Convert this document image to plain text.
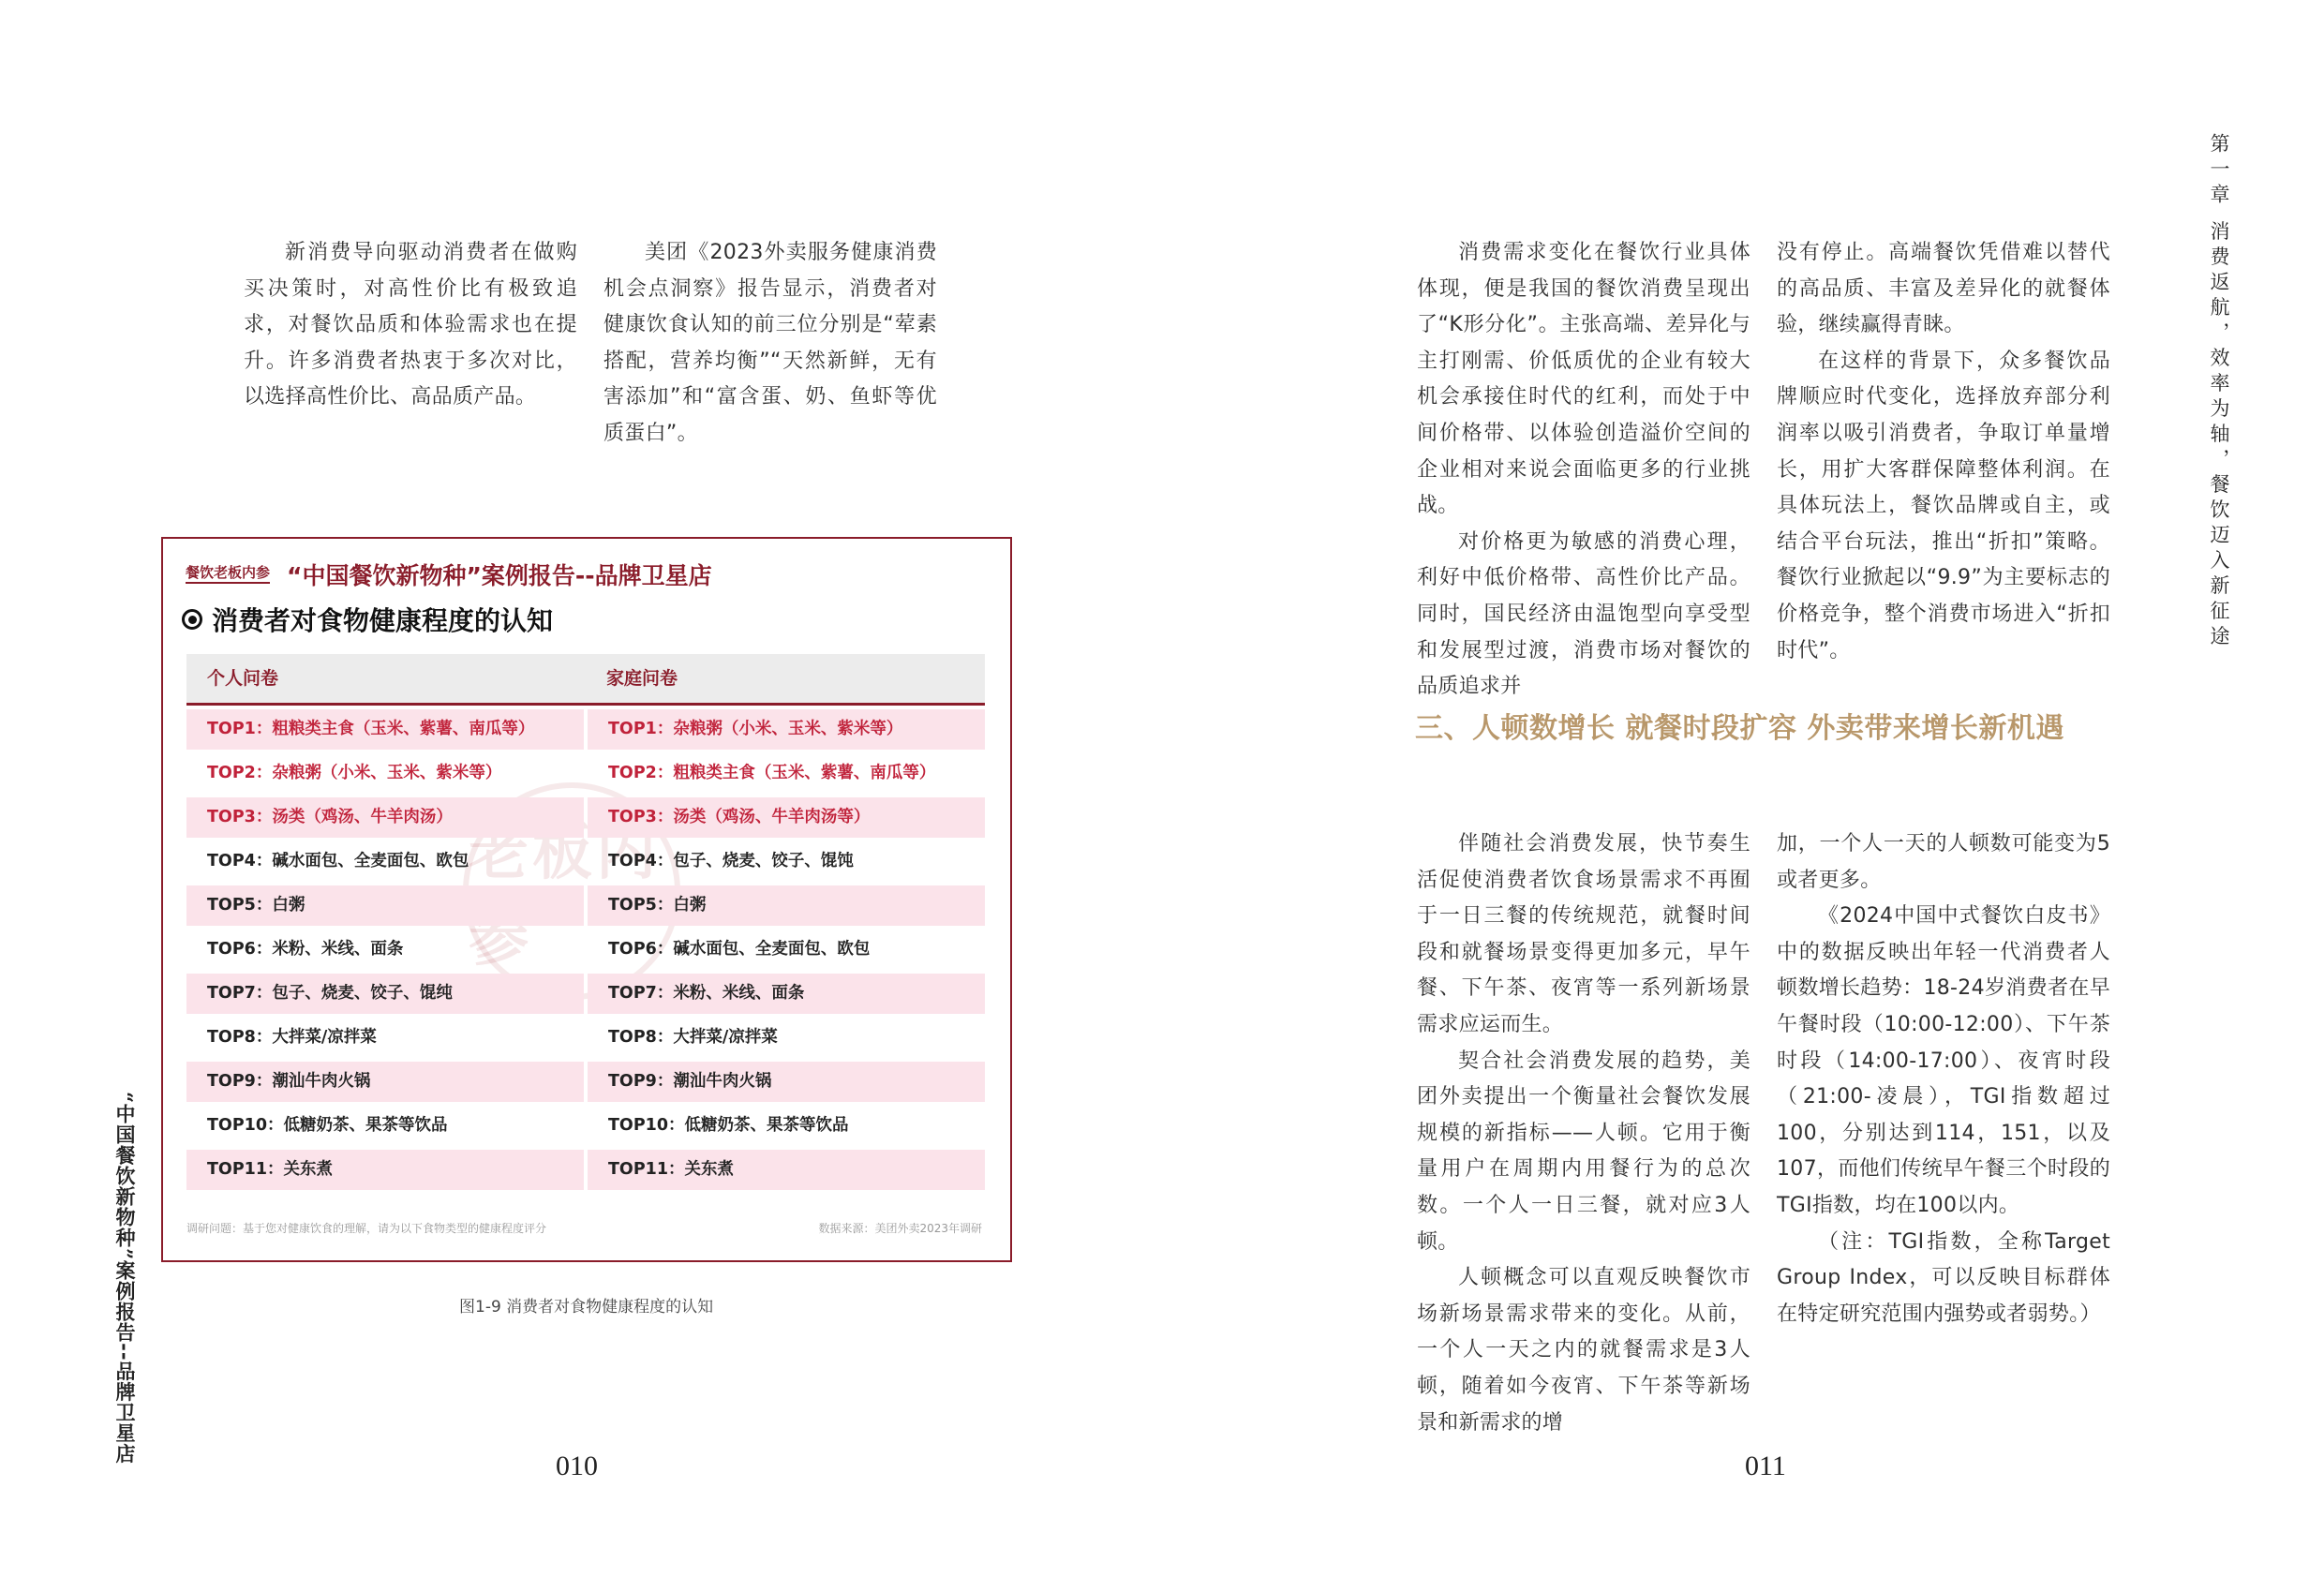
新消费导向驱动消费者在做购买决策时，对高性价比有极致追求，对餐饮品质和体验需求也在提升。许多消费者热衷于多次对比，以选择高性价比、高品质产品。

美团《2023外卖服务健康消费机会点洞察》报告显示，消费者对健康饮食认知的前三位分别是“荤素搭配，营养均衡”“天然新鲜，无有害添加”和“富含蛋、奶、鱼虾等优质蛋白”。

“中国餐饮新物种”案例报告--品牌卫星店
老板内参
餐饮老板内参 “中国餐饮新物种”案例报告--品牌卫星店
消费者对食物健康程度的认知
个人问卷	家庭问卷
TOP1：粗粮类主食（玉米、紫薯、南瓜等）	TOP1：杂粮粥（小米、玉米、紫米等）
TOP2：杂粮粥（小米、玉米、紫米等）	TOP2：粗粮类主食（玉米、紫薯、南瓜等）
TOP3：汤类（鸡汤、牛羊肉汤）	TOP3：汤类（鸡汤、牛羊肉汤等）
TOP4：碱水面包、全麦面包、欧包	TOP4：包子、烧麦、饺子、馄饨
TOP5：白粥	TOP5：白粥
TOP6：米粉、米线、面条	TOP6：碱水面包、全麦面包、欧包
TOP7：包子、烧麦、饺子、馄纯	TOP7：米粉、米线、面条
TOP8：大拌菜/凉拌菜	TOP8：大拌菜/凉拌菜
TOP9：潮汕牛肉火锅	TOP9：潮汕牛肉火锅
TOP10：低糖奶茶、果茶等饮品	TOP10：低糖奶茶、果茶等饮品
TOP11：关东煮	TOP11：关东煮
调研问题：基于您对健康饮食的理解，请为以下食物类型的健康程度评分	数据来源：美团外卖2023年调研
图1-9 消费者对食物健康程度的认知
010
第一章 消费返航，效率为轴，餐饮迈入新征途

消费需求变化在餐饮行业具体体现，便是我国的餐饮消费呈现出了“K形分化”。主张高端、差异化与主打刚需、价低质优的企业有较大机会承接住时代的红利，而处于中间价格带、以体验创造溢价空间的企业相对来说会面临更多的行业挑战。

对价格更为敏感的消费心理，利好中低价格带、高性价比产品。同时，国民经济由温饱型向享受型和发展型过渡，消费市场对餐饮的品质追求并

没有停止。高端餐饮凭借难以替代的高品质、丰富及差异化的就餐体验，继续赢得青睐。

在这样的背景下，众多餐饮品牌顺应时代变化，选择放弃部分利润率以吸引消费者，争取订单量增长，用扩大客群保障整体利润。在具体玩法上，餐饮品牌或自主，或结合平台玩法，推出“折扣”策略。餐饮行业掀起以“9.9”为主要标志的价格竞争，整个消费市场进入“折扣时代”。

三、人顿数增长 就餐时段扩容 外卖带来增长新机遇

伴随社会消费发展，快节奏生活促使消费者饮食场景需求不再囿于一日三餐的传统规范，就餐时间段和就餐场景变得更加多元，早午餐、下午茶、夜宵等一系列新场景需求应运而生。

契合社会消费发展的趋势，美团外卖提出一个衡量社会餐饮发展规模的新指标——人顿。它用于衡量用户在周期内用餐行为的总次数。一个人一日三餐，就对应3人顿。

人顿概念可以直观反映餐饮市场新场景需求带来的变化。从前，一个人一天之内的就餐需求是3人顿，随着如今夜宵、下午茶等新场景和新需求的增

加，一个人一天的人顿数可能变为5或者更多。

《2024中国中式餐饮白皮书》中的数据反映出年轻一代消费者人顿数增长趋势：18-24岁消费者在早午餐时段（10:00-12:00）、下午茶时段（14:00-17:00）、夜宵时段（21:00-凌晨），TGI指数超过100，分别达到114，151，以及107，而他们传统早午餐三个时段的TGI指数，均在100以内。

（注：TGI指数，全称Target Group Index，可以反映目标群体在特定研究范围内强势或者弱势。）

011
